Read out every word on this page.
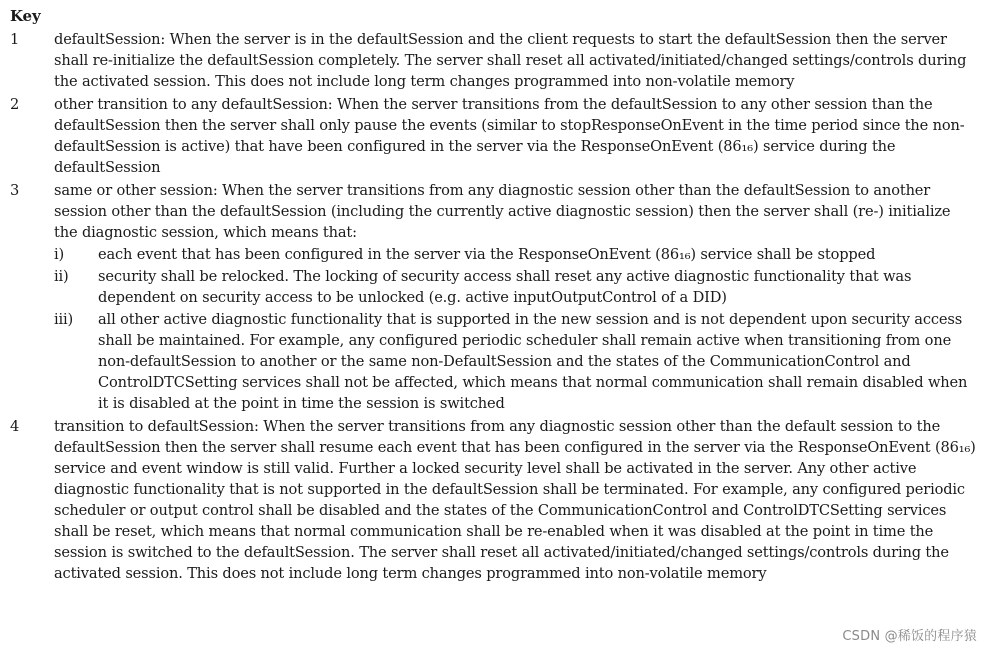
Key
1	defaultSession: When the server is in the defaultSession and the client requests to start the defaultSession then the server shall re-initialize the defaultSession completely. The server shall reset all activated/initiated/changed settings/controls during the activated session. This does not include long term changes programmed into non-volatile memory
2	other transition to any defaultSession: When the server transitions from the defaultSession to any other session than the defaultSession then the server shall only pause the events (similar to stopResponseOnEvent in the time period since the non-defaultSession is active) that have been configured in the server via the ResponseOnEvent (86₁₆) service during the defaultSession
3	same or other session: When the server transitions from any diagnostic session other than the defaultSession to another session other than the defaultSession (including the currently active diagnostic session) then the server shall (re-) initialize the diagnostic session, which means that:
i)	each event that has been configured in the server via the ResponseOnEvent (86₁₆) service shall be stopped
ii)	security shall be relocked. The locking of security access shall reset any active diagnostic functionality that was dependent on security access to be unlocked (e.g. active inputOutputControl of a DID)
iii)	all other active diagnostic functionality that is supported in the new session and is not dependent upon security access shall be maintained. For example, any configured periodic scheduler shall remain active when transitioning from one non-defaultSession to another or the same non-DefaultSession and the states of the CommunicationControl and ControlDTCSetting services shall not be affected, which means that normal communication shall remain disabled when it is disabled at the point in time the session is switched
4	transition to defaultSession: When the server transitions from any diagnostic session other than the default session to the defaultSession then the server shall resume each event that has been configured in the server via the ResponseOnEvent (86₁₆) service and event window is still valid. Further a locked security level shall be activated in the server. Any other active diagnostic functionality that is not supported in the defaultSession shall be terminated. For example, any configured periodic scheduler or output control shall be disabled and the states of the CommunicationControl and ControlDTCSetting services shall be reset, which means that normal communication shall be re-enabled when it was disabled at the point in time the session is switched to the defaultSession. The server shall reset all activated/initiated/changed settings/controls during the activated session. This does not include long term changes programmed into non-volatile memory
CSDN @稀饭的程序猿
